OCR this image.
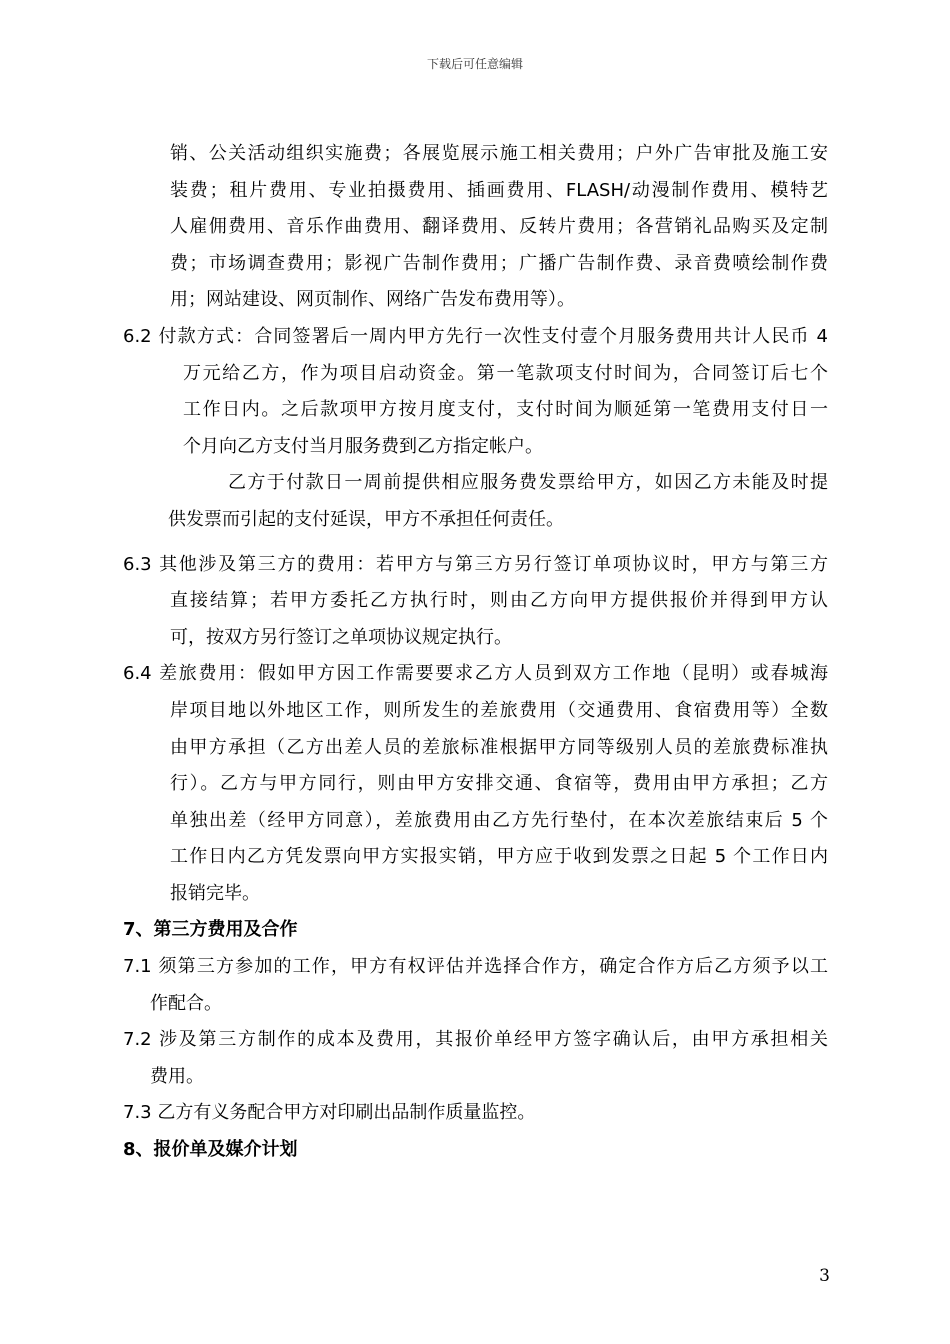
下载后可任意编辑
销、公关活动组织实施费；各展览展示施工相关费用；户外广告审批及施工安
装费；租片费用、专业拍摄费用、插画费用、FLASH/动漫制作费用、模特艺
人雇佣费用、音乐作曲费用、翻译费用、反转片费用；各营销礼品购买及定制
费；市场调查费用；影视广告制作费用；广播广告制作费、录音费喷绘制作费
用；网站建设、网页制作、网络广告发布费用等）。
6.2 付款方式：合同签署后一周内甲方先行一次性支付壹个月服务费用共计人民币 4
万元给乙方，作为项目启动资金。第一笔款项支付时间为，合同签订后七个
工作日内。之后款项甲方按月度支付，支付时间为顺延第一笔费用支付日一
个月向乙方支付当月服务费到乙方指定帐户。
乙方于付款日一周前提供相应服务费发票给甲方，如因乙方未能及时提
供发票而引起的支付延误，甲方不承担任何责任。
6.3 其他涉及第三方的费用：若甲方与第三方另行签订单项协议时，甲方与第三方
直接结算；若甲方委托乙方执行时，则由乙方向甲方提供报价并得到甲方认
可，按双方另行签订之单项协议规定执行。
6.4 差旅费用：假如甲方因工作需要要求乙方人员到双方工作地（昆明）或春城海
岸项目地以外地区工作，则所发生的差旅费用（交通费用、食宿费用等）全数
由甲方承担（乙方出差人员的差旅标准根据甲方同等级别人员的差旅费标准执
行）。乙方与甲方同行，则由甲方安排交通、食宿等，费用由甲方承担；乙方
单独出差（经甲方同意），差旅费用由乙方先行垫付，在本次差旅结束后 5 个
工作日内乙方凭发票向甲方实报实销，甲方应于收到发票之日起 5 个工作日内
报销完毕。
7、第三方费用及合作
7.1 须第三方参加的工作，甲方有权评估并选择合作方，确定合作方后乙方须予以工
作配合。
7.2 涉及第三方制作的成本及费用，其报价单经甲方签字确认后，由甲方承担相关
费用。
7.3 乙方有义务配合甲方对印刷出品制作质量监控。
8、报价单及媒介计划
3
